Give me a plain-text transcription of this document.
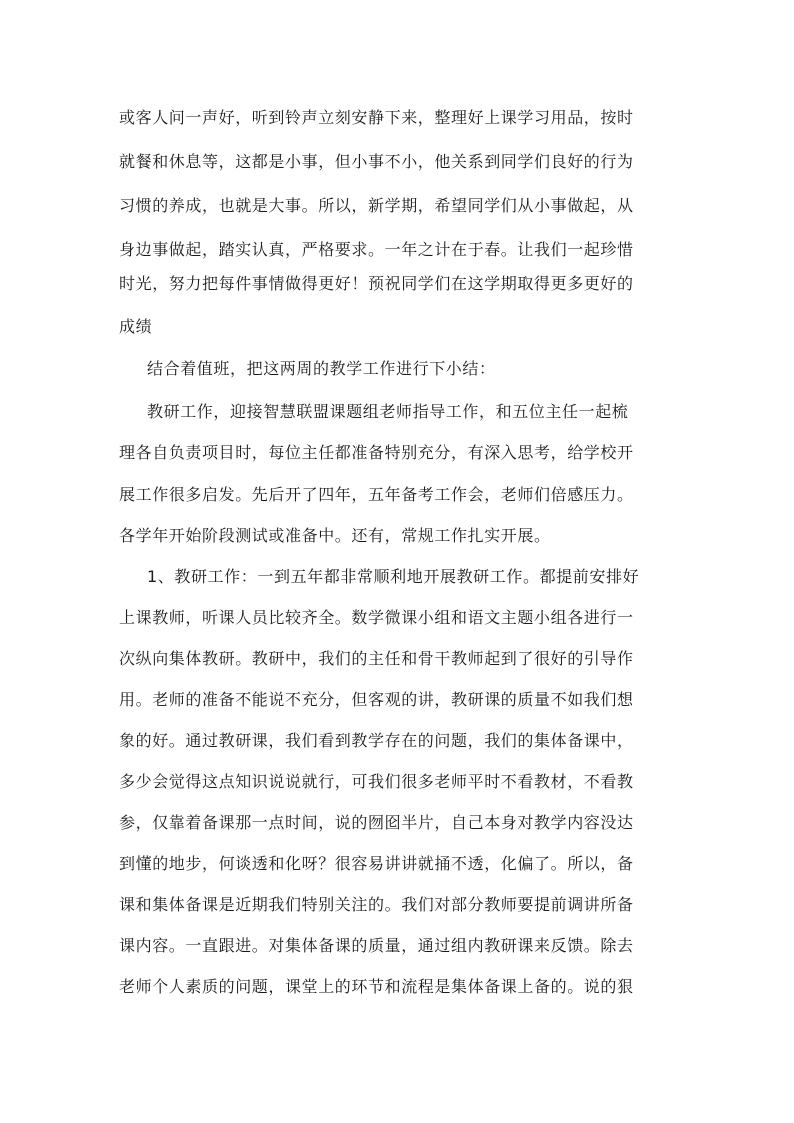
或客人问一声好，听到铃声立刻安静下来，整理好上课学习用品，按时
就餐和休息等，这都是小事，但小事不小，他关系到同学们良好的行为
习惯的养成，也就是大事。所以，新学期，希望同学们从小事做起，从
身边事做起，踏实认真，严格要求。一年之计在于春。让我们一起珍惜
时光，努力把每件事情做得更好！预祝同学们在这学期取得更多更好的
成绩
结合着值班，把这两周的教学工作进行下小结：
教研工作，迎接智慧联盟课题组老师指导工作，和五位主任一起梳
理各自负责项目时，每位主任都准备特别充分，有深入思考，给学校开
展工作很多启发。先后开了四年，五年备考工作会，老师们倍感压力。
各学年开始阶段测试或准备中。还有，常规工作扎实开展。
1、教研工作：一到五年都非常顺利地开展教研工作。都提前安排好
上课教师，听课人员比较齐全。数学微课小组和语文主题小组各进行一
次纵向集体教研。教研中，我们的主任和骨干教师起到了很好的引导作
用。老师的准备不能说不充分，但客观的讲，教研课的质量不如我们想
象的好。通过教研课，我们看到教学存在的问题，我们的集体备课中，
多少会觉得这点知识说说就行，可我们很多老师平时不看教材，不看教
参，仅靠着备课那一点时间，说的囫囵半片，自己本身对教学内容没达
到懂的地步，何谈透和化呀？很容易讲讲就捅不透，化偏了。所以，备
课和集体备课是近期我们特别关注的。我们对部分教师要提前调讲所备
课内容。一直跟进。对集体备课的质量，通过组内教研课来反馈。除去
老师个人素质的问题，课堂上的环节和流程是集体备课上备的。说的狠
